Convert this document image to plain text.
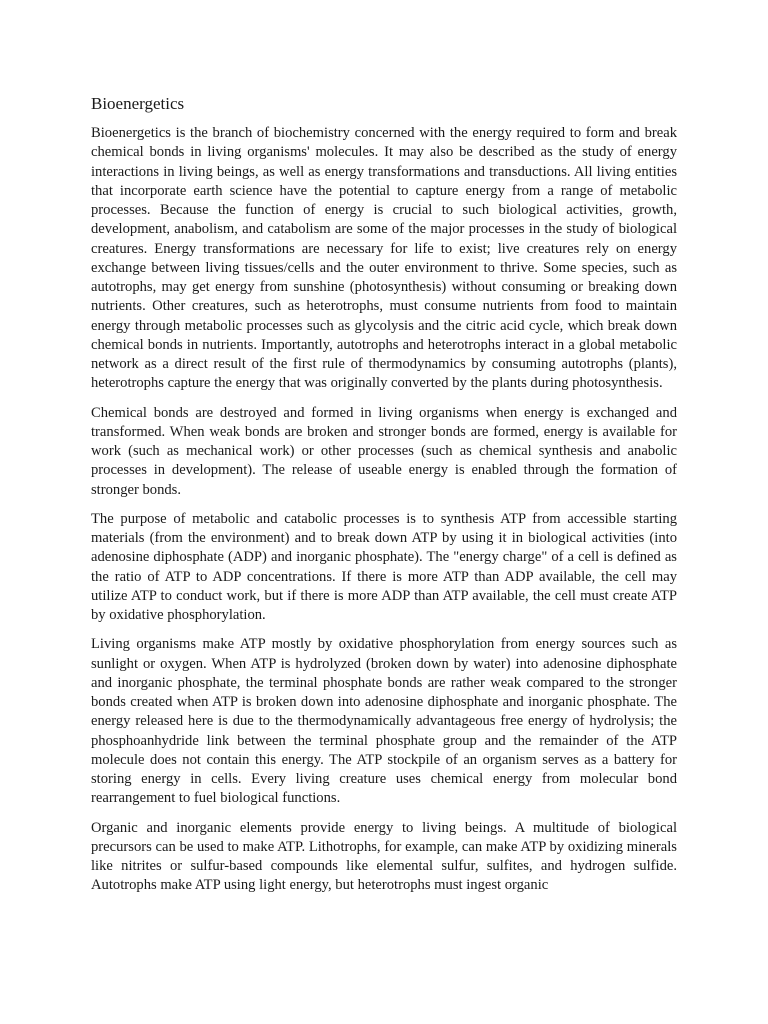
Bioenergetics

Bioenergetics is the branch of biochemistry concerned with the energy required to form and break chemical bonds in living organisms' molecules. It may also be described as the study of energy interactions in living beings, as well as energy transformations and transductions. All living entities that incorporate earth science have the potential to capture energy from a range of metabolic processes. Because the function of energy is crucial to such biological activities, growth, development, anabolism, and catabolism are some of the major processes in the study of biological creatures. Energy transformations are necessary for life to exist; live creatures rely on energy exchange between living tissues/cells and the outer environment to thrive. Some species, such as autotrophs, may get energy from sunshine (photosynthesis) without consuming or breaking down nutrients. Other creatures, such as heterotrophs, must consume nutrients from food to maintain energy through metabolic processes such as glycolysis and the citric acid cycle, which break down chemical bonds in nutrients. Importantly, autotrophs and heterotrophs interact in a global metabolic network as a direct result of the first rule of thermodynamics by consuming autotrophs (plants), heterotrophs capture the energy that was originally converted by the plants during photosynthesis.

Chemical bonds are destroyed and formed in living organisms when energy is exchanged and transformed. When weak bonds are broken and stronger bonds are formed, energy is available for work (such as mechanical work) or other processes (such as chemical synthesis and anabolic processes in development). The release of useable energy is enabled through the formation of stronger bonds.

The purpose of metabolic and catabolic processes is to synthesis ATP from accessible starting materials (from the environment) and to break down ATP by using it in biological activities (into adenosine diphosphate (ADP) and inorganic phosphate). The "energy charge" of a cell is defined as the ratio of ATP to ADP concentrations. If there is more ATP than ADP available, the cell may utilize ATP to conduct work, but if there is more ADP than ATP available, the cell must create ATP by oxidative phosphorylation.

Living organisms make ATP mostly by oxidative phosphorylation from energy sources such as sunlight or oxygen. When ATP is hydrolyzed (broken down by water) into adenosine diphosphate and inorganic phosphate, the terminal phosphate bonds are rather weak compared to the stronger bonds created when ATP is broken down into adenosine diphosphate and inorganic phosphate. The energy released here is due to the thermodynamically advantageous free energy of hydrolysis; the phosphoanhydride link between the terminal phosphate group and the remainder of the ATP molecule does not contain this energy. The ATP stockpile of an organism serves as a battery for storing energy in cells. Every living creature uses chemical energy from molecular bond rearrangement to fuel biological functions.

Organic and inorganic elements provide energy to living beings. A multitude of biological precursors can be used to make ATP. Lithotrophs, for example, can make ATP by oxidizing minerals like nitrites or sulfur-based compounds like elemental sulfur, sulfites, and hydrogen sulfide. Autotrophs make ATP using light energy, but heterotrophs must ingest organic
